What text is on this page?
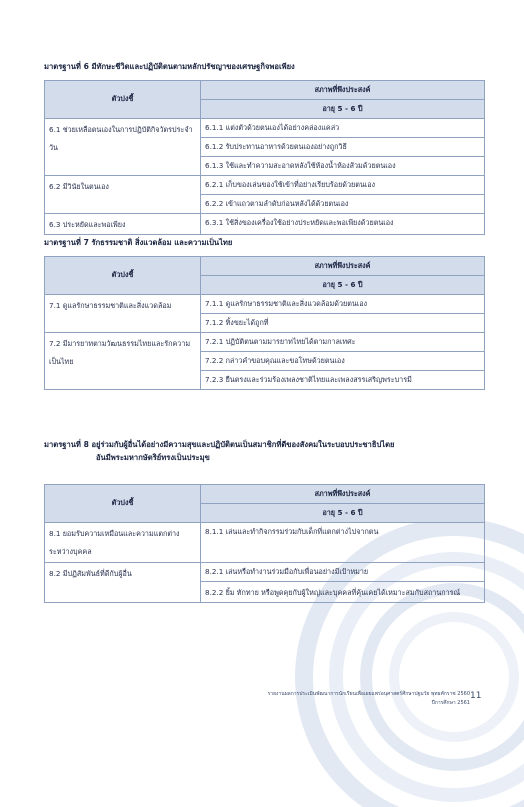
มาตรฐานที่ 6 มีทักษะชีวิตและปฏิบัติตนตามหลักปรัชญาของเศรษฐกิจพอเพียง
ตัวบ่งชี้	สภาพที่พึงประสงค์
	อายุ 5 - 6 ปี
6.1 ช่วยเหลือตนเองในการปฏิบัติกิจวัตรประจำวัน	6.1.1 แต่งตัวด้วยตนเองได้อย่างคล่องแคล่ว
	6.1.2 รับประทานอาหารด้วยตนเองอย่างถูกวิธี
	6.1.3 ใช้และทำความสะอาดหลังใช้ห้องน้ำห้องส้วมด้วยตนเอง
6.2 มีวินัยในตนเอง	6.2.1 เก็บของเล่นของใช้เข้าที่อย่างเรียบร้อยด้วยตนเอง
	6.2.2 เข้าแถวตามลำดับก่อนหลังได้ด้วยตนเอง
6.3 ประหยัดและพอเพียง	6.3.1 ใช้สิ่งของเครื่องใช้อย่างประหยัดและพอเพียงด้วยตนเอง
มาตรฐานที่ 7 รักธรรมชาติ สิ่งแวดล้อม และความเป็นไทย
ตัวบ่งชี้	สภาพที่พึงประสงค์
	อายุ 5 - 6 ปี
7.1 ดูแลรักษาธรรมชาติและสิ่งแวดล้อม	7.1.1 ดูแลรักษาธรรมชาติและสิ่งแวดล้อมด้วยตนเอง
	7.1.2 ทิ้งขยะได้ถูกที่
7.2 มีมารยาทตามวัฒนธรรมไทยและรักความเป็นไทย	7.2.1 ปฏิบัติตนตามมารยาทไทยได้ตามกาลเทศะ
	7.2.2 กล่าวคำขอบคุณและขอโทษด้วยตนเอง
	7.2.3 ยืนตรงและร่วมร้องเพลงชาติไทยและเพลงสรรเสริญพระบารมี
มาตรฐานที่ 8 อยู่ร่วมกับผู้อื่นได้อย่างมีความสุขและปฏิบัติตนเป็นสมาชิกที่ดีของสังคมในระบอบประชาธิปไตย
อันมีพระมหากษัตริย์ทรงเป็นประมุข
ตัวบ่งชี้	สภาพที่พึงประสงค์
	อายุ 5 - 6 ปี
8.1 ยอมรับความเหมือนและความแตกต่างระหว่างบุคคล	8.1.1 เล่นและทำกิจกรรมร่วมกับเด็กที่แตกต่างไปจากตน
8.2 มีปฏิสัมพันธ์ที่ดีกับผู้อื่น	8.2.1 เล่นหรือทำงานร่วมมือกับเพื่อนอย่างมีเป้าหมาย
	8.2.2 ยิ้ม ทักทาย หรือพูดคุยกับผู้ใหญ่และบุคคลที่คุ้นเคยได้เหมาะสมกับสถานการณ์
รายงานผลการประเมินพัฒนาการนักเรียนเพื่อเผยแพร่อนุศาสตร์ศึกษาปฐมวัย พุทธศักราช 2560
ปีการศึกษา 2561
11
